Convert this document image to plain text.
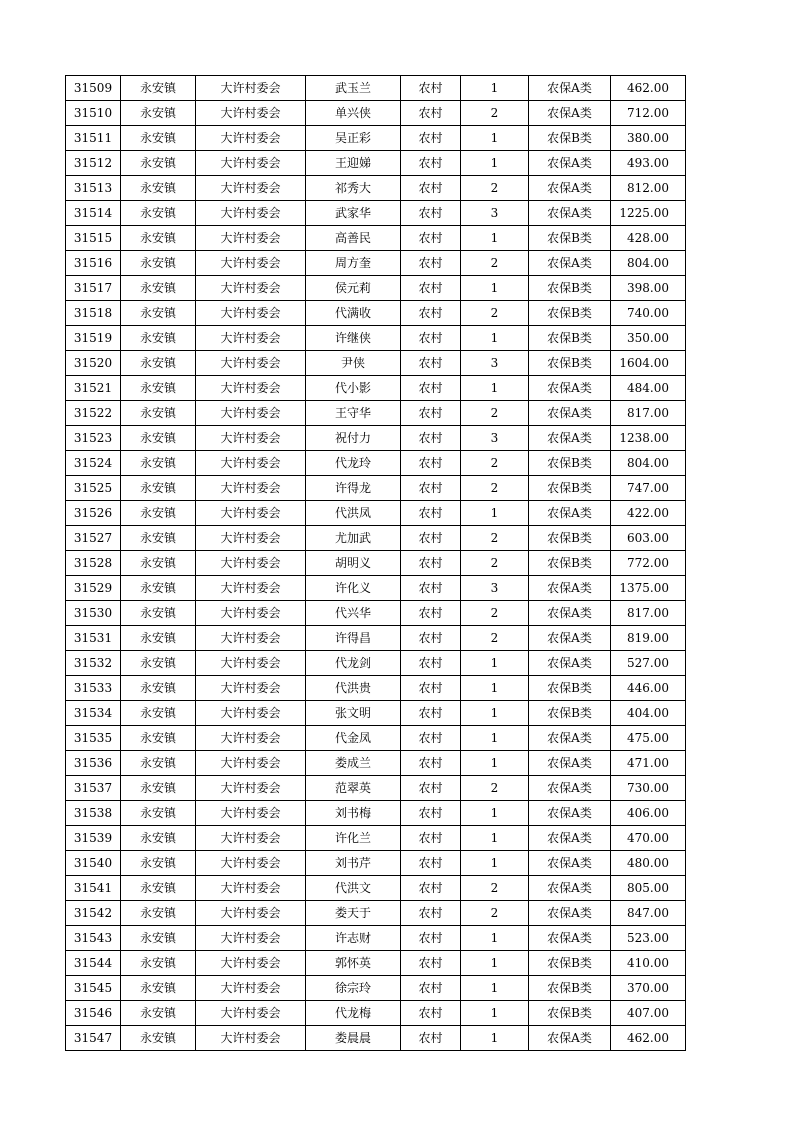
31509	永安镇	大许村委会	武玉兰	农村	1	农保A类	462.00
31510	永安镇	大许村委会	单兴侠	农村	2	农保A类	712.00
31511	永安镇	大许村委会	吴正彩	农村	1	农保B类	380.00
31512	永安镇	大许村委会	王迎娣	农村	1	农保A类	493.00
31513	永安镇	大许村委会	祁秀大	农村	2	农保A类	812.00
31514	永安镇	大许村委会	武家华	农村	3	农保A类	1225.00
31515	永安镇	大许村委会	高善民	农村	1	农保B类	428.00
31516	永安镇	大许村委会	周方奎	农村	2	农保A类	804.00
31517	永安镇	大许村委会	侯元莉	农村	1	农保B类	398.00
31518	永安镇	大许村委会	代满收	农村	2	农保B类	740.00
31519	永安镇	大许村委会	许继侠	农村	1	农保B类	350.00
31520	永安镇	大许村委会	尹侠	农村	3	农保B类	1604.00
31521	永安镇	大许村委会	代小影	农村	1	农保A类	484.00
31522	永安镇	大许村委会	王守华	农村	2	农保A类	817.00
31523	永安镇	大许村委会	祝付力	农村	3	农保A类	1238.00
31524	永安镇	大许村委会	代龙玲	农村	2	农保B类	804.00
31525	永安镇	大许村委会	许得龙	农村	2	农保B类	747.00
31526	永安镇	大许村委会	代洪凤	农村	1	农保A类	422.00
31527	永安镇	大许村委会	尤加武	农村	2	农保B类	603.00
31528	永安镇	大许村委会	胡明义	农村	2	农保B类	772.00
31529	永安镇	大许村委会	许化义	农村	3	农保A类	1375.00
31530	永安镇	大许村委会	代兴华	农村	2	农保A类	817.00
31531	永安镇	大许村委会	许得昌	农村	2	农保A类	819.00
31532	永安镇	大许村委会	代龙剑	农村	1	农保A类	527.00
31533	永安镇	大许村委会	代洪贵	农村	1	农保B类	446.00
31534	永安镇	大许村委会	张文明	农村	1	农保B类	404.00
31535	永安镇	大许村委会	代金凤	农村	1	农保A类	475.00
31536	永安镇	大许村委会	娄成兰	农村	1	农保A类	471.00
31537	永安镇	大许村委会	范翠英	农村	2	农保A类	730.00
31538	永安镇	大许村委会	刘书梅	农村	1	农保A类	406.00
31539	永安镇	大许村委会	许化兰	农村	1	农保A类	470.00
31540	永安镇	大许村委会	刘书芹	农村	1	农保A类	480.00
31541	永安镇	大许村委会	代洪文	农村	2	农保A类	805.00
31542	永安镇	大许村委会	娄天于	农村	2	农保A类	847.00
31543	永安镇	大许村委会	许志财	农村	1	农保A类	523.00
31544	永安镇	大许村委会	郭怀英	农村	1	农保B类	410.00
31545	永安镇	大许村委会	徐宗玲	农村	1	农保B类	370.00
31546	永安镇	大许村委会	代龙梅	农村	1	农保B类	407.00
31547	永安镇	大许村委会	娄晨晨	农村	1	农保A类	462.00
